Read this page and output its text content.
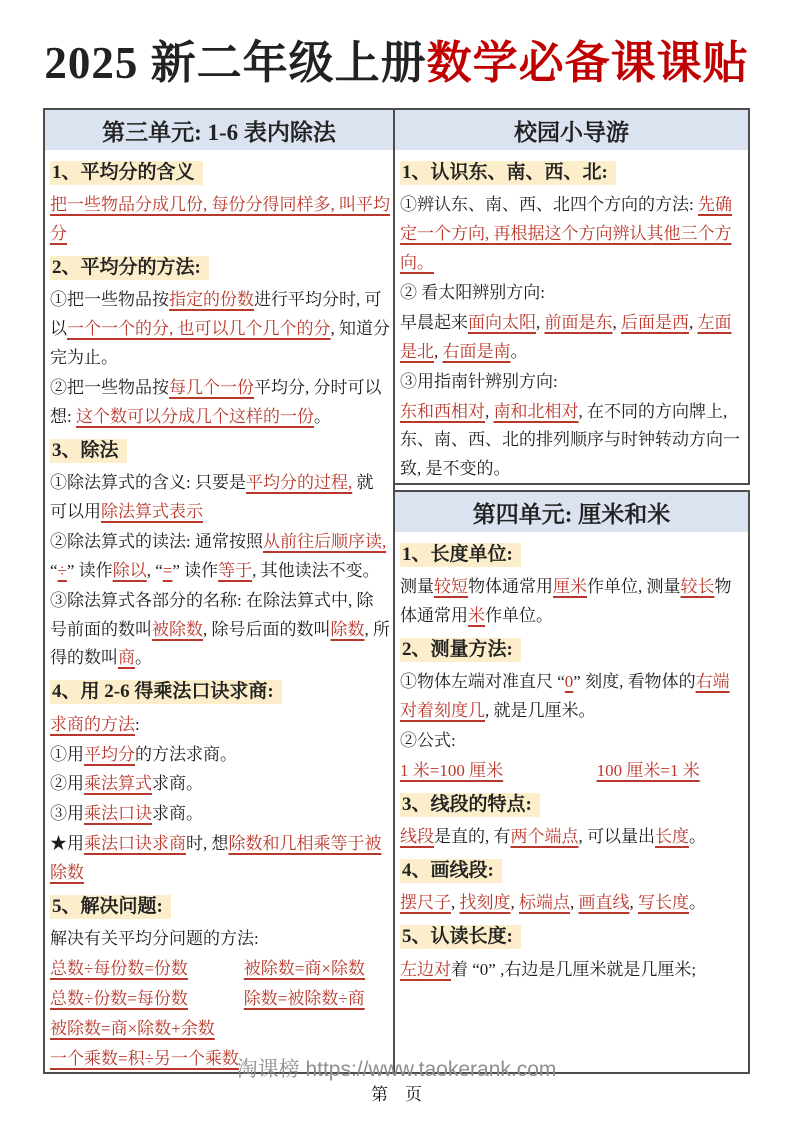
2025 新二年级上册数学必备课课贴
第三单元: 1-6 表内除法
1、平均分的含义
把一些物品分成几份, 每份分得同样多, 叫平均分
2、平均分的方法:
①把一些物品按指定的份数进行平均分时, 可以一个一个的分, 也可以几个几个的分, 知道分完为止。
②把一些物品按每几个一份平均分, 分时可以想: 这个数可以分成几个这样的一份。
3、除法
①除法算式的含义: 只要是平均分的过程, 就可以用除法算式表示
②除法算式的读法: 通常按照从前往后顺序读, “÷” 读作除以, “=” 读作等于, 其他读法不变。
③除法算式各部分的名称: 在除法算式中, 除号前面的数叫被除数, 除号后面的数叫除数, 所得的数叫商。
4、用 2-6 得乘法口诀求商:
求商的方法:
①用平均分的方法求商。
②用乘法算式求商。
③用乘法口诀求商。
★用乘法口诀求商时, 想除数和几相乘等于被除数
5、解决问题:
解决有关平均分问题的方法:
总数÷每份数=份数	被除数=商×除数
总数÷份数=每份数	除数=被除数÷商
被除数=商×除数+余数
一个乘数=积÷另一个乘数
校园小导游
1、认识东、南、西、北:
①辨认东、南、西、北四个方向的方法: 先确定一个方向, 再根据这个方向辨认其他三个方向。
② 看太阳辨别方向:
早晨起来面向太阳, 前面是东, 后面是西, 左面是北, 右面是南。
③用指南针辨别方向:
东和西相对, 南和北相对, 在不同的方向牌上, 东、南、西、北的排列顺序与时钟转动方向一致, 是不变的。
第四单元: 厘米和米
1、长度单位:
测量较短物体通常用厘米作单位, 测量较长物体通常用米作单位。
2、测量方法:
①物体左端对准直尺 “0” 刻度, 看物体的右端对着刻度几, 就是几厘米。
②公式:
1 米=100 厘米	100 厘米=1 米
3、线段的特点:
线段是直的, 有两个端点, 可以量出长度。
4、画线段:
摆尺子, 找刻度, 标端点, 画直线, 写长度。
5、认读长度:
左边对着 “0” ,右边是几厘米就是几厘米;
淘课榜 https://www.taokerank.com
第　页
